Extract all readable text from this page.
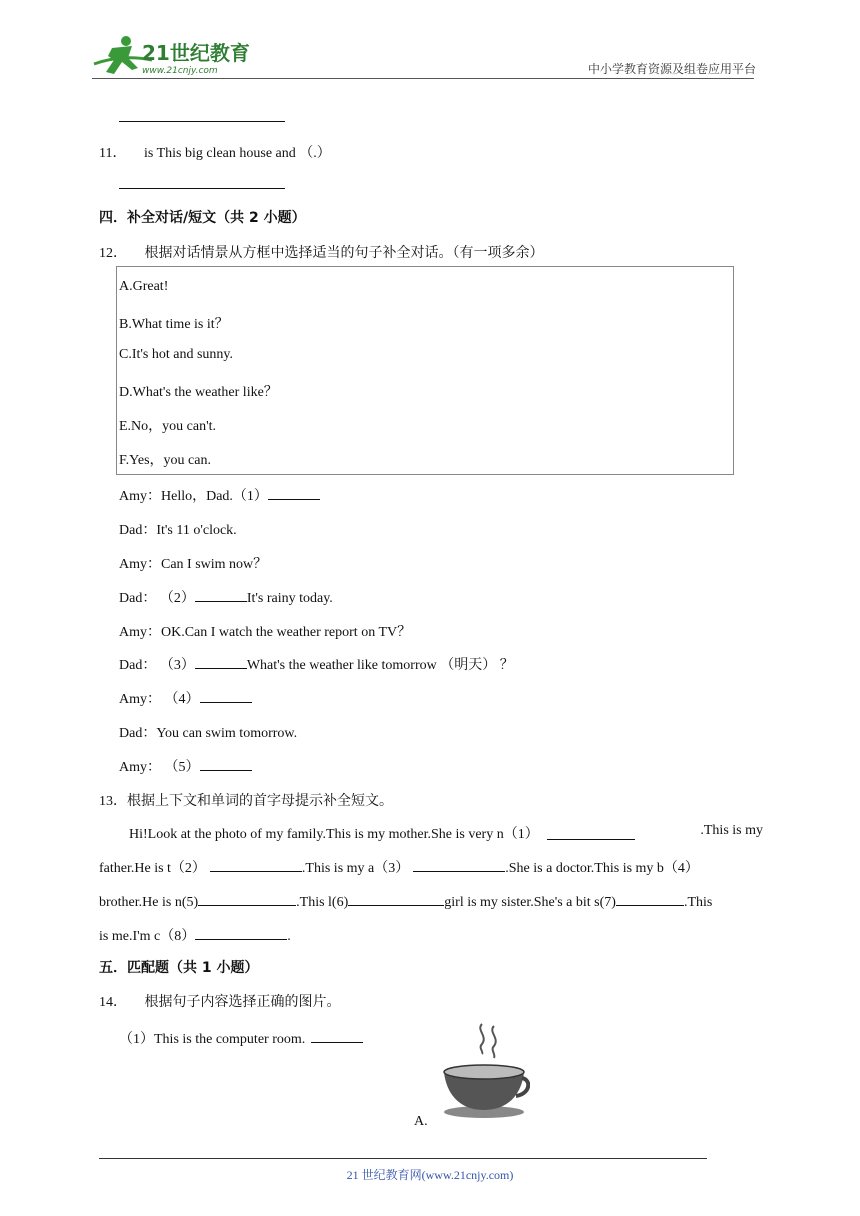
21世纪教育
www.21cnjy.com	中小学教育资源及组卷应用平台
11． is This big clean house and （.）
四．补全对话/短文（共 2 小题）
12． 根据对话情景从方框中选择适当的句子补全对话。（有一项多余）
A.Great!
B.What time is it？
C.It's hot and sunny.
D.What's the weather like？
E.No，you can't.
F.Yes，you can.
Amy：Hello，Dad.（1）
Dad：It's 11 o'clock.
Amy：Can I swim now？
Dad： （2）	It's rainy today.
Amy：OK.Can I watch the weather report on TV？
Dad： （3）	What's the weather like tomorrow （明天） ？
Amy： （4）
Dad：You can swim tomorrow.
Amy： （5）
13．根据上下文和单词的首字母提示补全短文。
Hi!Look at the photo of my family.This is my mother.She is very n（1）	.This is my
father.He is t（2）	.This is my a（3）	.She is a doctor.This is my b（4）
brother.He is n(5)	.This l(6)	girl is my sister.She's a bit s(7)	.This
is me.I'm c（8）	.
五．匹配题（共 1 小题）
14． 根据句子内容选择正确的图片。
（1）This is the computer room.
A.
21 世纪教育网(www.21cnjy.com)
